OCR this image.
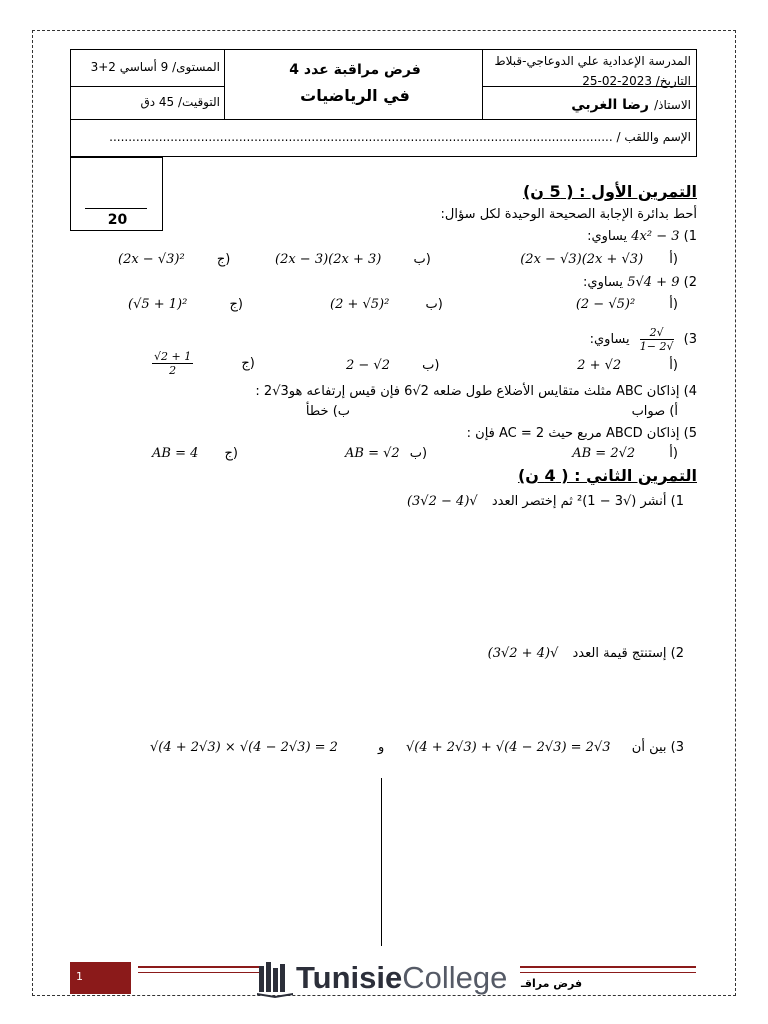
المدرسة الإعدادية علي الدوعاجي-قبلاط
التاريخ/ 2023-02-25
الاستاذ/ رضا الغربي
فرض مراقبة عدد 4
في الرياضيات
المستوى/ 9 أساسي 2+3
التوقيت/ 45 دق
الإسم واللقب / ....................................................................................................................................
20
التمرين الأول : ( 5 ن)
أحط بدائرة الإجابة الصحيحة الوحيدة لكل سؤال:
1) 4x² − 3 يساوي:
(2x − √3)(2x + √3) أ)
(2x − 3)(2x + 3) ب)
(2x − √3)² ج)
2) 9 + 4√5 يساوي:
(2 − √5)²	أ)
(2 + √5)²	ب)
(√5 + 1)²	ج)
3)
$\frac{√2}{√2 -1}$
يساوي:
2 + √2	أ)
2 − √2 ب)
$\frac{√2 + 1}{2}$	ج)
4) إذاكان ABC مثلث متقايس الأضلاع طول ضلعه 2√6 فإن قيس إرتفاعه هو3√2 :
أ) صواب
ب) خطأ
5) إذاكان ABCD مربع حيث AC = 2 فإن :
AB = 2√2	أ)
AB = √2 ب)
AB = 4 ج)
التمرين الثاني : ( 4 ن)
1) أنشر (√3 − 1)² ثم إختصر العدد √(4 − 2√3)
2) إستنتج قيمة العدد √(4 + 2√3)
3) بين أن
√(4 + 2√3) + √(4 − 2√3) = 2√3
و
√(4 + 2√3) × √(4 − 2√3) = 2
1	TunisieCollege فرض مراقـ
